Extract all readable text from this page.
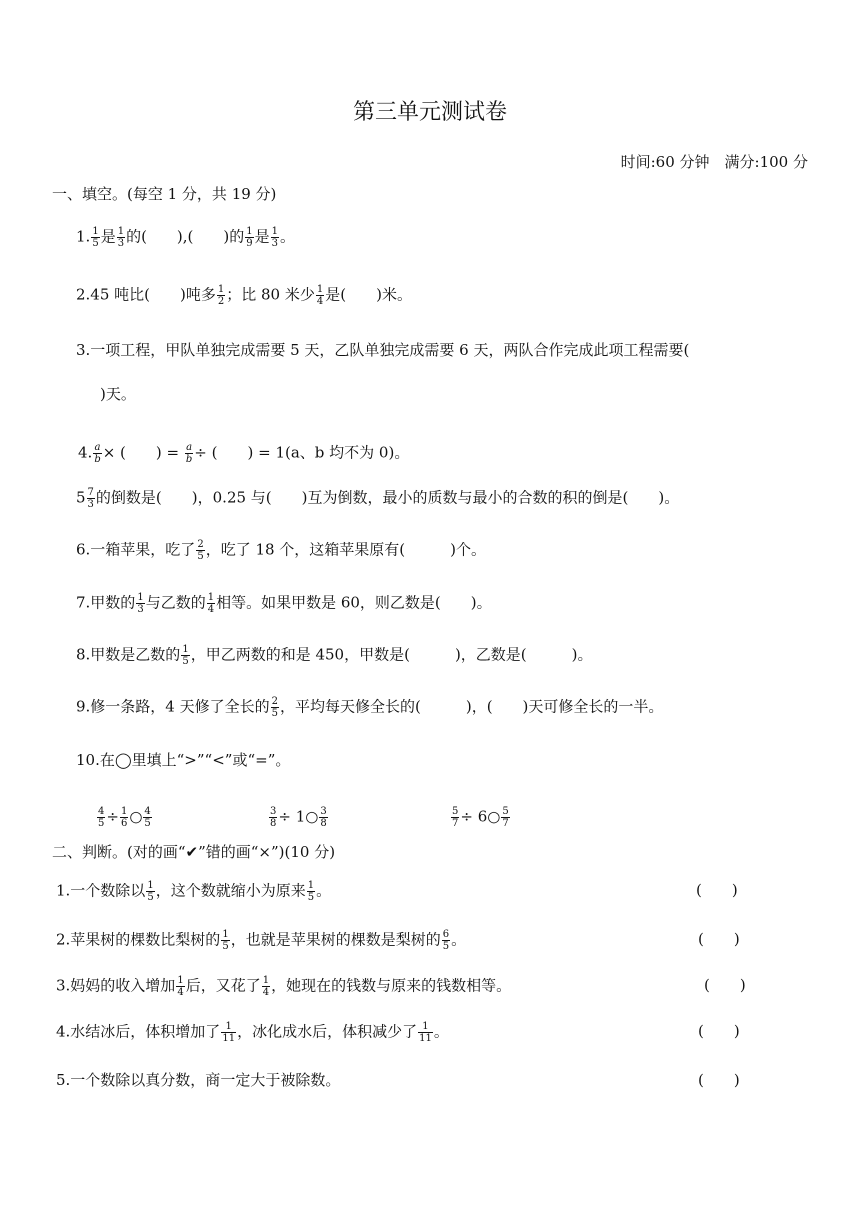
第三单元测试卷
时间:60 分钟　满分:100 分
一、填空。(每空 1 分，共 19 分)
1. $\frac{1}{5}$ 是 $\frac{1}{3}$ 的(　　),(　　)的 $\frac{1}{9}$ 是 $\frac{1}{3}$ 。
2.45 吨比(　　)吨多 $\frac{1}{2}$ ；比 80 米少 $\frac{1}{4}$ 是(　　)米。
3.一项工程，甲队单独完成需要 5 天，乙队单独完成需要 6 天，两队合作完成此项工程需要(
)天。
4. $\frac{a}{b}$ × (　　) = $\frac{a}{b}$ ÷ (　　) = 1(a、b 均不为 0)。
$5 \frac{7}{3}$ 的倒数是(　　)，0.25 与(　　)互为倒数，最小的质数与最小的合数的积的倒是(　　)。
6.一箱苹果，吃了 $\frac{2}{5}$ ，吃了 18 个，这箱苹果原有(　　　)个。
7.甲数的 $\frac{1}{3}$ 与乙数的 $\frac{1}{4}$ 相等。如果甲数是 60，则乙数是(　　)。
8.甲数是乙数的 $\frac{1}{5}$ ，甲乙两数的和是 450，甲数是(　　　)，乙数是(　　　)。
9.修一条路，4 天修了全长的 $\frac{2}{5}$ ，平均每天修全长的(　　　)，(　　)天可修全长的一半。
10.在◯里填上“>”“<”或“=”。
$\frac{4}{5} \div \frac{1}{6}$ ○ $\frac{4}{5}$	$\frac{3}{8}$ ÷ 1○ $\frac{3}{8}$	$\frac{5}{7}$ ÷ 6○ $\frac{5}{7}$
二、判断。(对的画“✔”错的画“×”)(10 分)
1.一个数除以 $\frac{1}{5}$ ，这个数就缩小为原来 $\frac{1}{5}$ 。	(　　)
2.苹果树的棵数比梨树的 $\frac{1}{5}$ ，也就是苹果树的棵数是梨树的 $\frac{6}{5}$ 。	(　　)
3.妈妈的收入增加 $\frac{1}{4}$ 后，又花了 $\frac{1}{4}$ ，她现在的钱数与原来的钱数相等。	(　　)
4.水结冰后，体积增加了 $\frac{1}{11}$ ，冰化成水后，体积减少了 $\frac{1}{11}$ 。	(　　)
5.一个数除以真分数，商一定大于被除数。	(　　)
